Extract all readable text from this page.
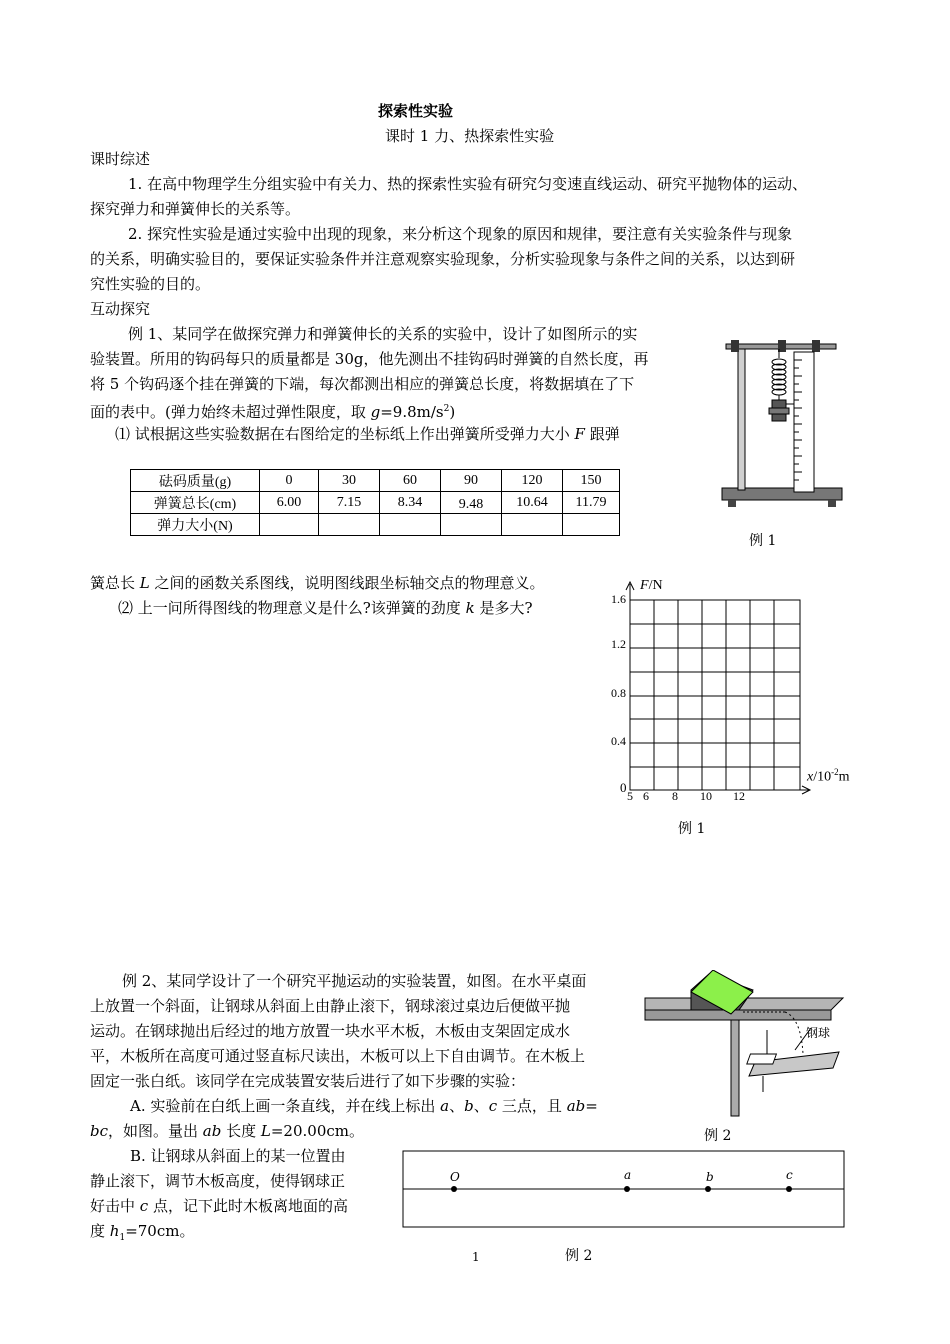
探索性实验
课时 1 力、热探索性实验
课时综述
1. 在高中物理学生分组实验中有关力、热的探索性实验有研究匀变速直线运动、研究平抛物体的运动、
探究弹力和弹簧伸长的关系等。
2. 探究性实验是通过实验中出现的现象，来分析这个现象的原因和规律，要注意有关实验条件与现象
的关系，明确实验目的，要保证实验条件并注意观察实验现象，分析实验现象与条件之间的关系，以达到研
究性实验的目的。
互动探究
例 1、某同学在做探究弹力和弹簧伸长的关系的实验中，设计了如图所示的实
验装置。所用的钩码每只的质量都是 30g，他先测出不挂钩码时弹簧的自然长度，再
将 5 个钩码逐个挂在弹簧的下端，每次都测出相应的弹簧总长度，将数据填在了下
面的表中。(弹力始终未超过弹性限度，取 $g=9.8m/s^2$)
⑴ 试根据这些实验数据在右图给定的坐标纸上作出弹簧所受弹力大小 F 跟弹
砝码质量(g)	0	30	60	90	120	150
弹簧总长(cm)	6.00	7.15	8.34	9.48	10.64	11.79
弹力大小(N)						
簧总长 L 之间的函数关系图线，说明图线跟坐标轴交点的物理意义。
⑵ 上一问所得图线的物理意义是什么?该弹簧的劲度 k 是多大?
例 1
F/N
1.6
1.2
0.8
0.4
0
5 6 8 10 12
$x/10^{-2}m$
例 1
例 2、某同学设计了一个研究平抛运动的实验装置，如图。在水平桌面
上放置一个斜面，让钢球从斜面上由静止滚下，钢球滚过桌边后便做平抛
运动。在钢球抛出后经过的地方放置一块水平木板，木板由支架固定成水
平，木板所在高度可通过竖直标尺读出，木板可以上下自由调节。在木板上
固定一张白纸。该同学在完成装置安装后进行了如下步骤的实验：
A. 实验前在白纸上画一条直线，并在线上标出 a、b、c 三点，且 ab=
bc，如图。量出 ab 长度 L=20.00cm。
B. 让钢球从斜面上的某一位置由
静止滚下，调节木板高度，使得钢球正
好击中 c 点，记下此时木板离地面的高
度 $h_1=70cm$。
钢球
例 2
O	a	b	c
1	例 2
